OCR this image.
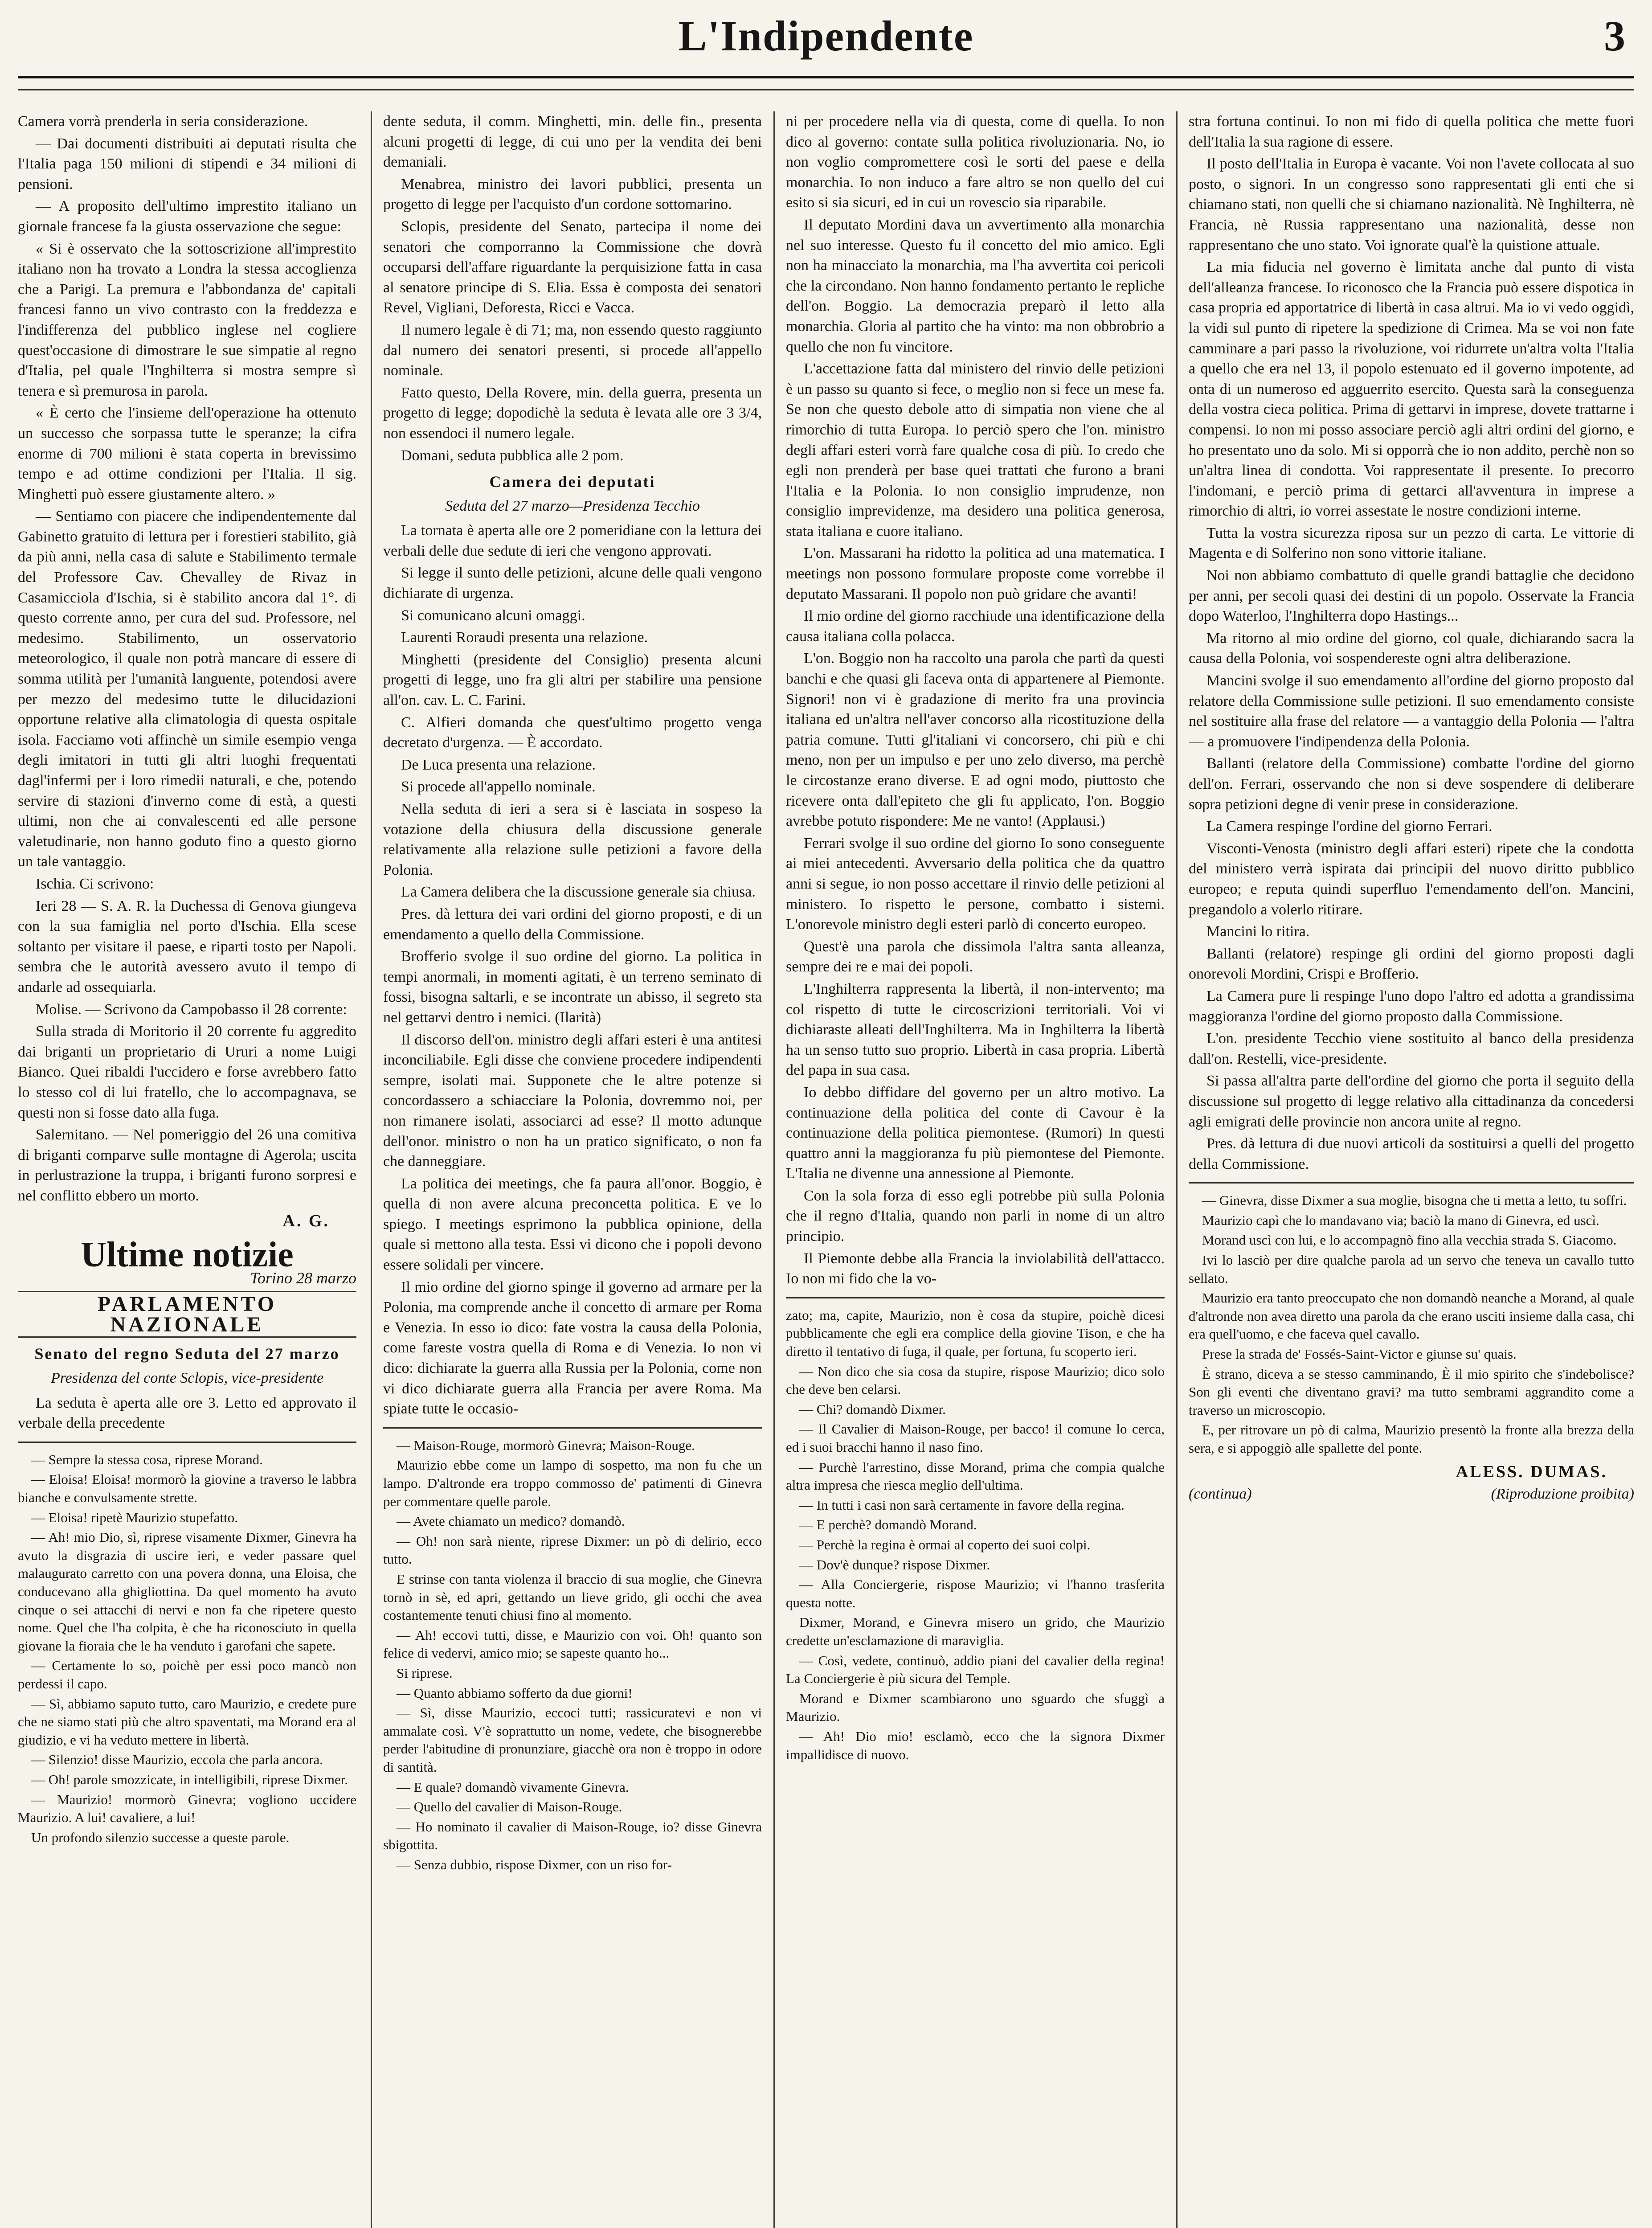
L'Indipendente	3

Camera vorrà prenderla in seria considerazione.

— Dai documenti distribuiti ai deputati risulta che l'Italia paga 150 milioni di stipendi e 34 milioni di pensioni.

— A proposito dell'ultimo imprestito italiano un giornale francese fa la giusta osservazione che segue:

« Si è osservato che la sottoscrizione all'imprestito italiano non ha trovato a Londra la stessa accoglienza che a Parigi. La premura e l'abbondanza de' capitali francesi fanno un vivo contrasto con la freddezza e l'indifferenza del pubblico inglese nel cogliere quest'occasione di dimostrare le sue simpatie al regno d'Italia, pel quale l'Inghilterra si mostra sempre sì tenera e sì premurosa in parola.

« È certo che l'insieme dell'operazione ha ottenuto un successo che sorpassa tutte le speranze; la cifra enorme di 700 milioni è stata coperta in brevissimo tempo e ad ottime condizioni per l'Italia. Il sig. Minghetti può essere giustamente altero. »

— Sentiamo con piacere che indipendentemente dal Gabinetto gratuito di lettura per i forestieri stabilito, già da più anni, nella casa di salute e Stabilimento termale del Professore Cav. Chevalley de Rivaz in Casamicciola d'Ischia, si è stabilito ancora dal 1°. di questo corrente anno, per cura del sud. Professore, nel medesimo. Stabilimento, un osservatorio meteorologico, il quale non potrà mancare di essere di somma utilità per l'umanità languente, potendosi avere per mezzo del medesimo tutte le dilucidazioni opportune relative alla climatologia di questa ospitale isola. Facciamo voti affinchè un simile esempio venga degli imitatori in tutti gli altri luoghi frequentati dagl'infermi per i loro rimedii naturali, e che, potendo servire di stazioni d'inverno come di està, a questi ultimi, non che ai convalescenti ed alle persone valetudinarie, non hanno goduto fino a questo giorno un tale vantaggio.

Ischia. Ci scrivono:

Ieri 28 — S. A. R. la Duchessa di Genova giungeva con la sua famiglia nel porto d'Ischia. Ella scese soltanto per visitare il paese, e riparti tosto per Napoli. sembra che le autorità avessero avuto il tempo di andarle ad ossequiarla.

Molise. — Scrivono da Campobasso il 28 corrente:

Sulla strada di Moritorio il 20 corrente fu aggredito dai briganti un proprietario di Ururi a nome Luigi Bianco. Quei ribaldi l'uccidero e forse avrebbero fatto lo stesso col di lui fratello, che lo accompagnava, se questi non si fosse dato alla fuga.

Salernitano. — Nel pomeriggio del 26 una comitiva di briganti comparve sulle montagne di Agerola; uscita in perlustrazione la truppa, i briganti furono sorpresi e nel conflitto ebbero un morto.

A. G.
Ultime notizie
Torino 28 marzo
PARLAMENTO NAZIONALE
Senato del regno Seduta del 27 marzo
Presidenza del conte Sclopis, vice-presidente

La seduta è aperta alle ore 3. Letto ed approvato il verbale della precedente

— Sempre la stessa cosa, riprese Morand.

— Eloisa! Eloisa! mormorò la giovine a traverso le labbra bianche e convulsamente strette.

— Eloisa! ripetè Maurizio stupefatto.

— Ah! mio Dio, sì, riprese visamente Dixmer, Ginevra ha avuto la disgrazia di uscire ieri, e veder passare quel malaugurato carretto con una povera donna, una Eloisa, che conducevano alla ghigliottina. Da quel momento ha avuto cinque o sei attacchi di nervi e non fa che ripetere questo nome. Quel che l'ha colpita, è che ha riconosciuto in quella giovane la fioraia che le ha venduto i garofani che sapete.

— Certamente lo so, poichè per essi poco mancò non perdessi il capo.

— Sì, abbiamo saputo tutto, caro Maurizio, e credete pure che ne siamo stati più che altro spaventati, ma Morand era al giudizio, e vi ha veduto mettere in libertà.

— Silenzio! disse Maurizio, eccola che parla ancora.

— Oh! parole smozzicate, in intelligibili, riprese Dixmer.

— Maurizio! mormorò Ginevra; vogliono uccidere Maurizio. A lui! cavaliere, a lui!

Un profondo silenzio successe a queste parole.

dente seduta, il comm. Minghetti, min. delle fin., presenta alcuni progetti di legge, di cui uno per la vendita dei beni demaniali.

Menabrea, ministro dei lavori pubblici, presenta un progetto di legge per l'acquisto d'un cordone sottomarino.

Sclopis, presidente del Senato, partecipa il nome dei senatori che comporranno la Commissione che dovrà occuparsi dell'affare riguardante la perquisizione fatta in casa al senatore principe di S. Elia. Essa è composta dei senatori Revel, Vigliani, Deforesta, Ricci e Vacca.

Il numero legale è di 71; ma, non essendo questo raggiunto dal numero dei senatori presenti, si procede all'appello nominale.

Fatto questo, Della Rovere, min. della guerra, presenta un progetto di legge; dopodichè la seduta è levata alle ore 3 3/4, non essendoci il numero legale.

Domani, seduta pubblica alle 2 pom.

Camera dei deputati
Seduta del 27 marzo—Presidenza Tecchio

La tornata è aperta alle ore 2 pomeridiane con la lettura dei verbali delle due sedute di ieri che vengono approvati.

Si legge il sunto delle petizioni, alcune delle quali vengono dichiarate di urgenza.

Si comunicano alcuni omaggi.

Laurenti Roraudi presenta una relazione.

Minghetti (presidente del Consiglio) presenta alcuni progetti di legge, uno fra gli altri per stabilire una pensione all'on. cav. L. C. Farini.

C. Alfieri domanda che quest'ultimo progetto venga decretato d'urgenza. — È accordato.

De Luca presenta una relazione.

Si procede all'appello nominale.

Nella seduta di ieri a sera si è lasciata in sospeso la votazione della chiusura della discussione generale relativamente alla relazione sulle petizioni a favore della Polonia.

La Camera delibera che la discussione generale sia chiusa.

Pres. dà lettura dei vari ordini del giorno proposti, e di un emendamento a quello della Commissione.

Brofferio svolge il suo ordine del giorno. La politica in tempi anormali, in momenti agitati, è un terreno seminato di fossi, bisogna saltarli, e se incontrate un abisso, il segreto sta nel gettarvi dentro i nemici. (Ilarità)

Il discorso dell'on. ministro degli affari esteri è una antitesi inconciliabile. Egli disse che conviene procedere indipendenti sempre, isolati mai. Supponete che le altre potenze si concordassero a schiacciare la Polonia, dovremmo noi, per non rimanere isolati, associarci ad esse? Il motto adunque dell'onor. ministro o non ha un pratico significato, o non fa che danneggiare.

La politica dei meetings, che fa paura all'onor. Boggio, è quella di non avere alcuna preconcetta politica. E ve lo spiego. I meetings esprimono la pubblica opinione, della quale si mettono alla testa. Essi vi dicono che i popoli devono essere solidali per vincere.

Il mio ordine del giorno spinge il governo ad armare per la Polonia, ma comprende anche il concetto di armare per Roma e Venezia. In esso io dico: fate vostra la causa della Polonia, come fareste vostra quella di Roma e di Venezia. Io non vi dico: dichiarate la guerra alla Russia per la Polonia, come non vi dico dichiarate guerra alla Francia per avere Roma. Ma spiate tutte le occasio-

— Maison-Rouge, mormorò Ginevra; Maison-Rouge.

Maurizio ebbe come un lampo di sospetto, ma non fu che un lampo. D'altronde era troppo commosso de' patimenti di Ginevra per commentare quelle parole.

— Avete chiamato un medico? domandò.

— Oh! non sarà niente, riprese Dixmer: un pò di delirio, ecco tutto.

E strinse con tanta violenza il braccio di sua moglie, che Ginevra tornò in sè, ed apri, gettando un lieve grido, gli occhi che avea costantemente tenuti chiusi fino al momento.

— Ah! eccovi tutti, disse, e Maurizio con voi. Oh! quanto son felice di vedervi, amico mio; se sapeste quanto ho...

Si riprese.

— Quanto abbiamo sofferto da due giorni!

— Sì, disse Maurizio, eccoci tutti; rassicuratevi e non vi ammalate così. V'è soprattutto un nome, vedete, che bisognerebbe perder l'abitudine di pronunziare, giacchè ora non è troppo in odore di santità.

— E quale? domandò vivamente Ginevra.

— Quello del cavalier di Maison-Rouge.

— Ho nominato il cavalier di Maison-Rouge, io? disse Ginevra sbigottita.

— Senza dubbio, rispose Dixmer, con un riso for-

ni per procedere nella via di questa, come di quella. Io non dico al governo: contate sulla politica rivoluzionaria. No, io non voglio compromettere così le sorti del paese e della monarchia. Io non induco a fare altro se non quello del cui esito si sia sicuri, ed in cui un rovescio sia riparabile.

Il deputato Mordini dava un avvertimento alla monarchia nel suo interesse. Questo fu il concetto del mio amico. Egli non ha minacciato la monarchia, ma l'ha avvertita coi pericoli che la circondano. Non hanno fondamento pertanto le repliche dell'on. Boggio. La democrazia preparò il letto alla monarchia. Gloria al partito che ha vinto: ma non obbrobrio a quello che non fu vincitore.

L'accettazione fatta dal ministero del rinvio delle petizioni è un passo su quanto si fece, o meglio non si fece un mese fa. Se non che questo debole atto di simpatia non viene che al rimorchio di tutta Europa. Io perciò spero che l'on. ministro degli affari esteri vorrà fare qualche cosa di più. Io credo che egli non prenderà per base quei trattati che furono a brani l'Italia e la Polonia. Io non consiglio imprudenze, non consiglio imprevidenze, ma desidero una politica generosa, stata italiana e cuore italiano.

L'on. Massarani ha ridotto la politica ad una matematica. I meetings non possono formulare proposte come vorrebbe il deputato Massarani. Il popolo non può gridare che avanti!

Il mio ordine del giorno racchiude una identificazione della causa italiana colla polacca.

L'on. Boggio non ha raccolto una parola che partì da questi banchi e che quasi gli faceva onta di appartenere al Piemonte. Signori! non vi è gradazione di merito fra una provincia italiana ed un'altra nell'aver concorso alla ricostituzione della patria comune. Tutti gl'italiani vi concorsero, chi più e chi meno, non per un impulso e per uno zelo diverso, ma perchè le circostanze erano diverse. E ad ogni modo, piuttosto che ricevere onta dall'epiteto che gli fu applicato, l'on. Boggio avrebbe potuto rispondere: Me ne vanto! (Applausi.)

Ferrari svolge il suo ordine del giorno Io sono conseguente ai miei antecedenti. Avversario della politica che da quattro anni si segue, io non posso accettare il rinvio delle petizioni al ministero. Io rispetto le persone, combatto i sistemi. L'onorevole ministro degli esteri parlò di concerto europeo.

Quest'è una parola che dissimola l'altra santa alleanza, sempre dei re e mai dei popoli.

L'Inghilterra rappresenta la libertà, il non-intervento; ma col rispetto di tutte le circoscrizioni territoriali. Voi vi dichiaraste alleati dell'Inghilterra. Ma in Inghilterra la libertà ha un senso tutto suo proprio. Libertà in casa propria. Libertà del papa in sua casa.

Io debbo diffidare del governo per un altro motivo. La continuazione della politica del conte di Cavour è la continuazione della politica piemontese. (Rumori) In questi quattro anni la maggioranza fu più piemontese del Piemonte. L'Italia ne divenne una annessione al Piemonte.

Con la sola forza di esso egli potrebbe più sulla Polonia che il regno d'Italia, quando non parli in nome di un altro principio.

Il Piemonte debbe alla Francia la inviolabilità dell'attacco. Io non mi fido che la vo-

zato; ma, capite, Maurizio, non è cosa da stupire, poichè dicesi pubblicamente che egli era complice della giovine Tison, e che ha diretto il tentativo di fuga, il quale, per fortuna, fu scoperto ieri.

— Non dico che sia cosa da stupire, rispose Maurizio; dico solo che deve ben celarsi.

— Chi? domandò Dixmer.

— Il Cavalier di Maison-Rouge, per bacco! il comune lo cerca, ed i suoi bracchi hanno il naso fino.

— Purchè l'arrestino, disse Morand, prima che compia qualche altra impresa che riesca meglio dell'ultima.

— In tutti i casi non sarà certamente in favore della regina.

— E perchè? domandò Morand.

— Perchè la regina è ormai al coperto dei suoi colpi.

— Dov'è dunque? rispose Dixmer.

— Alla Conciergerie, rispose Maurizio; vi l'hanno trasferita questa notte.

Dixmer, Morand, e Ginevra misero un grido, che Maurizio credette un'esclamazione di maraviglia.

— Così, vedete, continuò, addio piani del cavalier della regina! La Conciergerie è più sicura del Temple.

Morand e Dixmer scambiarono uno sguardo che sfuggì a Maurizio.

— Ah! Dio mio! esclamò, ecco che la signora Dixmer impallidisce di nuovo.

stra fortuna continui. Io non mi fido di quella politica che mette fuori dell'Italia la sua ragione di essere.

Il posto dell'Italia in Europa è vacante. Voi non l'avete collocata al suo posto, o signori. In un congresso sono rappresentati gli enti che si chiamano stati, non quelli che si chiamano nazionalità. Nè Inghilterra, nè Francia, nè Russia rappresentano una nazionalità, desse non rappresentano che uno stato. Voi ignorate qual'è la quistione attuale.

La mia fiducia nel governo è limitata anche dal punto di vista dell'alleanza francese. Io riconosco che la Francia può essere dispotica in casa propria ed apportatrice di libertà in casa altrui. Ma io vi vedo oggidì, la vidi sul punto di ripetere la spedizione di Crimea. Ma se voi non fate camminare a pari passo la rivoluzione, voi ridurrete un'altra volta l'Italia a quello che era nel 13, il popolo estenuato ed il governo impotente, ad onta di un numeroso ed agguerrito esercito. Questa sarà la conseguenza della vostra cieca politica. Prima di gettarvi in imprese, dovete trattarne i compensi. Io non mi posso associare perciò agli altri ordini del giorno, e ho presentato uno da solo. Mi si opporrà che io non addito, perchè non so un'altra linea di condotta. Voi rappresentate il presente. Io precorro l'indomani, e perciò prima di gettarci all'avventura in imprese a rimorchio di altri, io vorrei assestate le nostre condizioni interne.

Tutta la vostra sicurezza riposa sur un pezzo di carta. Le vittorie di Magenta e di Solferino non sono vittorie italiane.

Noi non abbiamo combattuto di quelle grandi battaglie che decidono per anni, per secoli quasi dei destini di un popolo. Osservate la Francia dopo Waterloo, l'Inghilterra dopo Hastings...

Ma ritorno al mio ordine del giorno, col quale, dichiarando sacra la causa della Polonia, voi sospendereste ogni altra deliberazione.

Mancini svolge il suo emendamento all'ordine del giorno proposto dal relatore della Commissione sulle petizioni. Il suo emendamento consiste nel sostituire alla frase del relatore — a vantaggio della Polonia — l'altra — a promuovere l'indipendenza della Polonia.

Ballanti (relatore della Commissione) combatte l'ordine del giorno dell'on. Ferrari, osservando che non si deve sospendere di deliberare sopra petizioni degne di venir prese in considerazione.

La Camera respinge l'ordine del giorno Ferrari.

Visconti-Venosta (ministro degli affari esteri) ripete che la condotta del ministero verrà ispirata dai principii del nuovo diritto pubblico europeo; e reputa quindi superfluo l'emendamento dell'on. Mancini, pregandolo a volerlo ritirare.

Mancini lo ritira.

Ballanti (relatore) respinge gli ordini del giorno proposti dagli onorevoli Mordini, Crispi e Brofferio.

La Camera pure li respinge l'uno dopo l'altro ed adotta a grandissima maggioranza l'ordine del giorno proposto dalla Commissione.

L'on. presidente Tecchio viene sostituito al banco della presidenza dall'on. Restelli, vice-presidente.

Si passa all'altra parte dell'ordine del giorno che porta il seguito della discussione sul progetto di legge relativo alla cittadinanza da concedersi agli emigrati delle provincie non ancora unite al regno.

Pres. dà lettura di due nuovi articoli da sostituirsi a quelli del progetto della Commissione.

— Ginevra, disse Dixmer a sua moglie, bisogna che ti metta a letto, tu soffri.

Maurizio capì che lo mandavano via; baciò la mano di Ginevra, ed uscì.

Morand uscì con lui, e lo accompagnò fino alla vecchia strada S. Giacomo.

Ivi lo lasciò per dire qualche parola ad un servo che teneva un cavallo tutto sellato.

Maurizio era tanto preoccupato che non domandò neanche a Morand, al quale d'altronde non avea diretto una parola da che erano usciti insieme dalla casa, chi era quell'uomo, e che faceva quel cavallo.

Prese la strada de' Fossés-Saint-Victor e giunse su' quais.

È strano, diceva a se stesso camminando, È il mio spirito che s'indebolisce? Son gli eventi che diventano gravi? ma tutto sembrami aggrandito come a traverso un microscopio.

E, per ritrovare un pò di calma, Maurizio presentò la fronte alla brezza della sera, e si appoggiò alle spallette del ponte.

ALESS. DUMAS.
(continua)	(Riproduzione proibita)
